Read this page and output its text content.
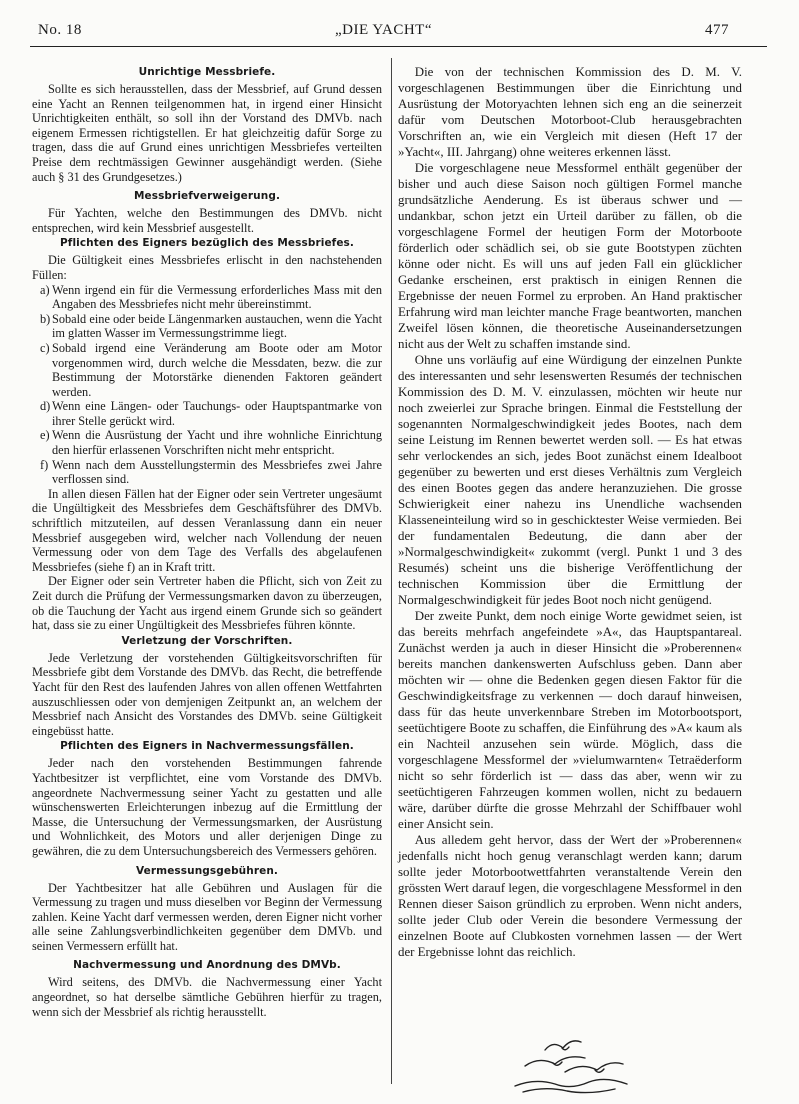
No. 18	„DIE YACHT“	477
Unrichtige Messbriefe.

Sollte es sich herausstellen, dass der Messbrief, auf Grund dessen eine Yacht an Rennen teilgenommen hat, in irgend einer Hinsicht Unrichtigkeiten enthält, so soll ihn der Vorstand des DMVb. nach eigenem Ermessen richtigstellen. Er hat gleichzeitig dafür Sorge zu tragen, dass die auf Grund eines unrichtigen Messbriefes verteilten Preise dem rechtmässigen Gewinner ausgehändigt werden. (Siehe auch § 31 des Grundgesetzes.)

Messbriefverweigerung.

Für Yachten, welche den Bestimmungen des DMVb. nicht entsprechen, wird kein Messbrief ausgestellt.

Pflichten des Eigners bezüglich des Messbriefes.

Die Gültigkeit eines Messbriefes erlischt in den nachstehenden Füllen:

a) Wenn irgend ein für die Vermessung erforderliches Mass mit den Angaben des Messbriefes nicht mehr übereinstimmt.
b) Sobald eine oder beide Längenmarken austauchen, wenn die Yacht im glatten Wasser im Vermessungstrimme liegt.
c) Sobald irgend eine Veränderung am Boote oder am Motor vorgenommen wird, durch welche die Messdaten, bezw. die zur Bestimmung der Motorstärke dienenden Faktoren geändert werden.
d) Wenn eine Längen- oder Tauchungs- oder Hauptspantmarke von ihrer Stelle gerückt wird.
e) Wenn die Ausrüstung der Yacht und ihre wohnliche Einrichtung den hierfür erlassenen Vorschriften nicht mehr entspricht.
f) Wenn nach dem Ausstellungstermin des Messbriefes zwei Jahre verflossen sind.

In allen diesen Fällen hat der Eigner oder sein Vertreter ungesäumt die Ungültigkeit des Messbriefes dem Geschäftsführer des DMVb. schriftlich mitzuteilen, auf dessen Veranlassung dann ein neuer Messbrief ausgegeben wird, welcher nach Vollendung der neuen Vermessung oder von dem Tage des Verfalls des abgelaufenen Messbriefes (siehe f) an in Kraft tritt.

Der Eigner oder sein Vertreter haben die Pflicht, sich von Zeit zu Zeit durch die Prüfung der Vermessungsmarken davon zu überzeugen, ob die Tauchung der Yacht aus irgend einem Grunde sich so geändert hat, dass sie zu einer Ungültigkeit des Messbriefes führen könnte.

Verletzung der Vorschriften.

Jede Verletzung der vorstehenden Gültigkeitsvorschriften für Messbriefe gibt dem Vorstande des DMVb. das Recht, die betreffende Yacht für den Rest des laufenden Jahres von allen offenen Wettfahrten auszuschliessen oder von demjenigen Zeitpunkt an, an welchem der Messbrief nach Ansicht des Vorstandes des DMVb. seine Gültigkeit eingebüsst hatte.

Pflichten des Eigners in Nachvermessungsfällen.

Jeder nach den vorstehenden Bestimmungen fahrende Yachtbesitzer ist verpflichtet, eine vom Vorstande des DMVb. angeordnete Nachvermessung seiner Yacht zu gestatten und alle wünschenswerten Erleichterungen inbezug auf die Ermittlung der Masse, die Untersuchung der Vermessungsmarken, der Ausrüstung und Wohnlichkeit, des Motors und aller derjenigen Dinge zu gewähren, die zu dem Untersuchungsbereich des Vermessers gehören.

Vermessungsgebühren.

Der Yachtbesitzer hat alle Gebühren und Auslagen für die Vermessung zu tragen und muss dieselben vor Beginn der Vermessung zahlen. Keine Yacht darf vermessen werden, deren Eigner nicht vorher alle seine Zahlungsverbindlichkeiten gegenüber dem DMVb. und seinen Vermessern erfüllt hat.

Nachvermessung und Anordnung des DMVb.

Wird seitens, des DMVb. die Nachvermessung einer Yacht angeordnet, so hat derselbe sämtliche Gebühren hierfür zu tragen, wenn sich der Messbrief als richtig herausstellt.

Die von der technischen Kommission des D. M. V. vorgeschlagenen Bestimmungen über die Einrichtung und Ausrüstung der Motoryachten lehnen sich eng an die seinerzeit dafür vom Deutschen Motorboot-Club herausgebrachten Vorschriften an, wie ein Vergleich mit diesen (Heft 17 der »Yacht«, III. Jahrgang) ohne weiteres erkennen lässt.

Die vorgeschlagene neue Messformel enthält gegenüber der bisher und auch diese Saison noch gültigen Formel manche grundsätzliche Aenderung. Es ist überaus schwer und — undankbar, schon jetzt ein Urteil darüber zu fällen, ob die vorgeschlagene Formel der heutigen Form der Motorboote förderlich oder schädlich sei, ob sie gute Bootstypen züchten könne oder nicht. Es will uns auf jeden Fall ein glücklicher Gedanke erscheinen, erst praktisch in einigen Rennen die Ergebnisse der neuen Formel zu erproben. An Hand praktischer Erfahrung wird man leichter manche Frage beantworten, manchen Zweifel lösen können, die theoretische Auseinandersetzungen nicht aus der Welt zu schaffen imstande sind.

Ohne uns vorläufig auf eine Würdigung der einzelnen Punkte des interessanten und sehr lesenswerten Resumés der technischen Kommission des D. M. V. einzulassen, möchten wir heute nur noch zweierlei zur Sprache bringen. Einmal die Feststellung der sogenannten Normalgeschwindigkeit jedes Bootes, nach dem seine Leistung im Rennen bewertet werden soll. — Es hat etwas sehr verlockendes an sich, jedes Boot zunächst einem Idealboot gegenüber zu bewerten und erst dieses Verhältnis zum Vergleich des einen Bootes gegen das andere heranzuziehen. Die grosse Schwierigkeit einer nahezu ins Unendliche wachsenden Klasseneinteilung wird so in geschicktester Weise vermieden. Bei der fundamentalen Bedeutung, die dann aber der »Normalgeschwindigkeit« zukommt (vergl. Punkt 1 und 3 des Resumés) scheint uns die bisherige Veröffentlichung der technischen Kommission über die Ermittlung der Normalgeschwindigkeit für jedes Boot noch nicht genügend.

Der zweite Punkt, dem noch einige Worte gewidmet seien, ist das bereits mehrfach angefeindete »A«, das Hauptspantareal. Zunächst werden ja auch in dieser Hinsicht die »Proberennen« bereits manchen dankenswerten Aufschluss geben. Dann aber möchten wir — ohne die Bedenken gegen diesen Faktor für die Geschwindigkeitsfrage zu verkennen — doch darauf hinweisen, dass für das heute unverkennbare Streben im Motorbootsport, seetüchtigere Boote zu schaffen, die Einführung des »A« kaum als ein Nachteil anzusehen sein würde. Möglich, dass die vorgeschlagene Messformel der »vielumwarnten« Tetraëderform nicht so sehr förderlich ist — dass das aber, wenn wir zu seetüchtigeren Fahrzeugen kommen wollen, nicht zu bedauern wäre, darüber dürfte die grosse Mehrzahl der Schiffbauer wohl einer Ansicht sein.

Aus alledem geht hervor, dass der Wert der »Proberennen« jedenfalls nicht hoch genug veranschlagt werden kann; darum sollte jeder Motorbootwettfahrten veranstaltende Verein den grössten Wert darauf legen, die vorgeschlagene Messformel in den Rennen dieser Saison gründlich zu erproben. Wenn nicht anders, sollte jeder Club oder Verein die besondere Vermessung der einzelnen Boote auf Clubkosten vornehmen lassen — der Wert der Ergebnisse lohnt das reichlich.
